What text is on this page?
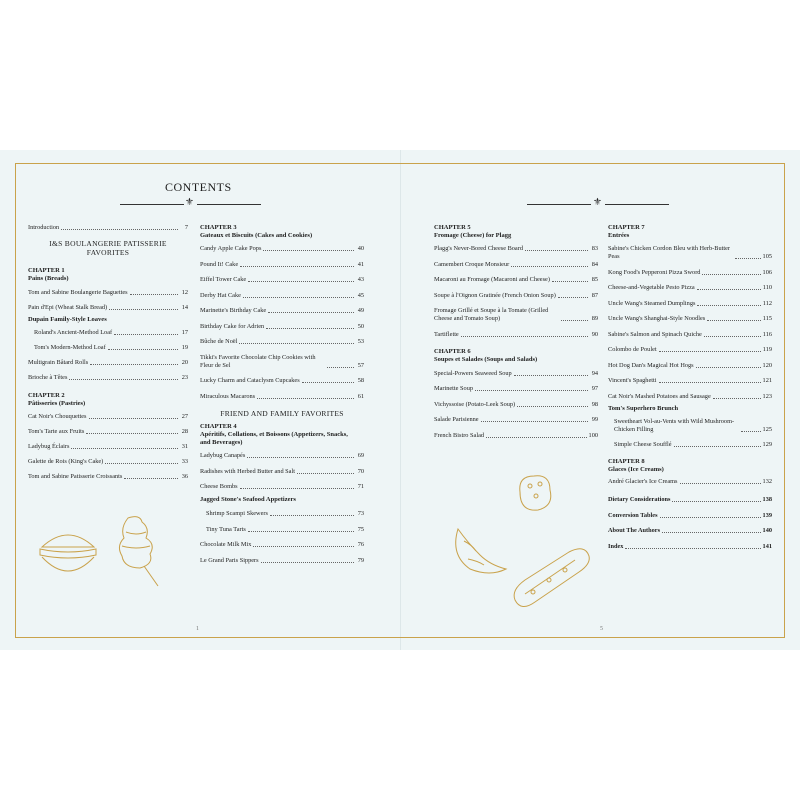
CONTENTS
⚜	⚜
Introduction	7
I&S BOULANGERIE PATISSERIE FAVORITES
CHAPTER 1
Pains (Breads)
Tom and Sabine Boulangerie Baguettes	12
Pain d'Epi (Wheat Stalk Bread)	14
Dupain Family-Style Loaves
Roland's Ancient-Method Loaf	17
Tom's Modern-Method Loaf	19
Multigrain Bâtard Rolls	20
Brioche à Têtes	23
CHAPTER 2
Pâtisseries (Pastries)
Cat Noir's Chouquettes	27
Tom's Tarte aux Fruits	28
Ladybug Éclairs	31
Galette de Rois (King's Cake)	33
Tom and Sabine Patisserie Croissants	36
CHAPTER 3
Gateaux et Biscuits (Cakes and Cookies)
Candy Apple Cake Pops	40
Pound It! Cake	41
Eiffel Tower Cake	43
Derby Hat Cake	45
Marinette's Birthday Cake	49
Birthday Cake for Adrien	50
Bûche de Noël	53
Tikki's Favorite Chocolate Chip Cookies with Fleur de Sel	57
Lucky Charm and Cataclysm Cupcakes	58
Miraculous Macarons	61
FRIEND AND FAMILY FAVORITES
CHAPTER 4
Apéritifs, Collations, et Boissons (Appetizers, Snacks, and Beverages)
Ladybug Canapés	69
Radishes with Herbed Butter and Salt	70
Cheese Bombs	71
Jagged Stone's Seafood Appetizers
Shrimp Scampi Skewers	73
Tiny Tuna Tarts	75
Chocolate Milk Mix	76
Le Grand Paris Sippers	79
CHAPTER 5
Fromage (Cheese) for Plagg
Plagg's Never-Bored Cheese Board	83
Camembert Croque Monsieur	84
Macaroni au Fromage (Macaroni and Cheese)	85
Soupe à l'Oignon Gratinée (French Onion Soup)	87
Fromage Grillé et Soupe à la Tomate (Grilled Cheese and Tomato Soup)	89
Tartiflette	90
CHAPTER 6
Soupes et Salades (Soups and Salads)
Special-Powers Seaweed Soup	94
Marinette Soup	97
Vichyssoise (Potato-Leek Soup)	98
Salade Parisienne	99
French Bistro Salad	100
CHAPTER 7
Entrées
Sabine's Chicken Cordon Bleu with Herb-Butter Peas	105
Kong Food's Pepperoni Pizza Sword	106
Cheese-and-Vegetable Pesto Pizza	110
Uncle Wang's Steamed Dumplings	112
Uncle Wang's Shanghai-Style Noodles	115
Sabine's Salmon and Spinach Quiche	116
Colombo de Poulet	119
Hot Dog Dan's Magical Hot Hogs	120
Vincent's Spaghetti	121
Cat Noir's Mashed Potatoes and Sausage	123
Tom's Superhero Brunch
Sweetheart Vol-au-Vents with Wild Mushroom-Chicken Filling	125
Simple Cheese Soufflé	129
CHAPTER 8
Glaces (Ice Creams)
André Glacier's Ice Creams	132
Dietary Considerations	138
Conversion Tables	139
About The Authors	140
Index	141
1	5
